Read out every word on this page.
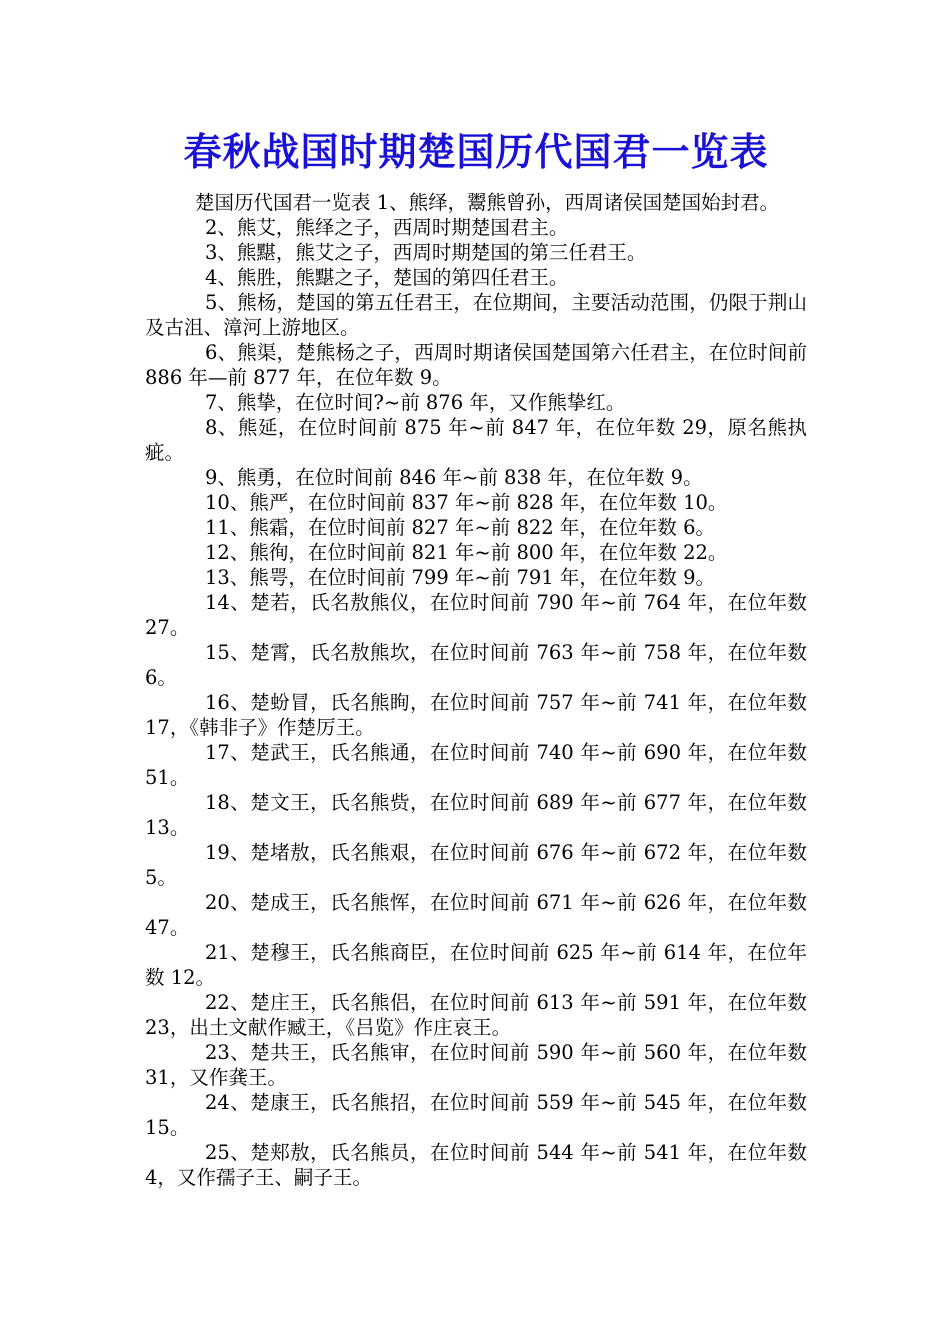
春秋战国时期楚国历代国君一览表

楚国历代国君一览表 1、熊绎，鬻熊曾孙，西周诸侯国楚国始封君。

2、熊艾，熊绎之子，西周时期楚国君主。

3、熊黮，熊艾之子，西周时期楚国的第三任君王。

4、熊胜，熊黮之子，楚国的第四任君王。

5、熊杨，楚国的第五任君王，在位期间，主要活动范围，仍限于荆山及古沮、漳河上游地区。

6、熊渠，楚熊杨之子，西周时期诸侯国楚国第六任君主，在位时间前 886 年—前 877 年，在位年数 9。

7、熊挚，在位时间?~前 876 年，又作熊挚红。

8、熊延，在位时间前 875 年~前 847 年，在位年数 29，原名熊执疵。

9、熊勇，在位时间前 846 年~前 838 年，在位年数 9。

10、熊严，在位时间前 837 年~前 828 年，在位年数 10。

11、熊霜，在位时间前 827 年~前 822 年，在位年数 6。

12、熊徇，在位时间前 821 年~前 800 年，在位年数 22。

13、熊咢，在位时间前 799 年~前 791 年，在位年数 9。

14、楚若，氏名敖熊仪，在位时间前 790 年~前 764 年，在位年数 27。

15、楚霄，氏名敖熊坎，在位时间前 763 年~前 758 年，在位年数 6。

16、楚蚡冒，氏名熊眴，在位时间前 757 年~前 741 年，在位年数 17，《韩非子》作楚厉王。

17、楚武王，氏名熊通，在位时间前 740 年~前 690 年，在位年数 51。

18、楚文王，氏名熊赀，在位时间前 689 年~前 677 年，在位年数 13。

19、楚堵敖，氏名熊艰，在位时间前 676 年~前 672 年，在位年数 5。

20、楚成王，氏名熊恽，在位时间前 671 年~前 626 年，在位年数 47。

21、楚穆王，氏名熊商臣，在位时间前 625 年~前 614 年，在位年数 12。

22、楚庄王，氏名熊侣，在位时间前 613 年~前 591 年，在位年数 23，出土文献作臧王，《吕览》作庄哀王。

23、楚共王，氏名熊审，在位时间前 590 年~前 560 年，在位年数 31，又作龚王。

24、楚康王，氏名熊招，在位时间前 559 年~前 545 年，在位年数 15。

25、楚郏敖，氏名熊员，在位时间前 544 年~前 541 年，在位年数 4，又作孺子王、嗣子王。
